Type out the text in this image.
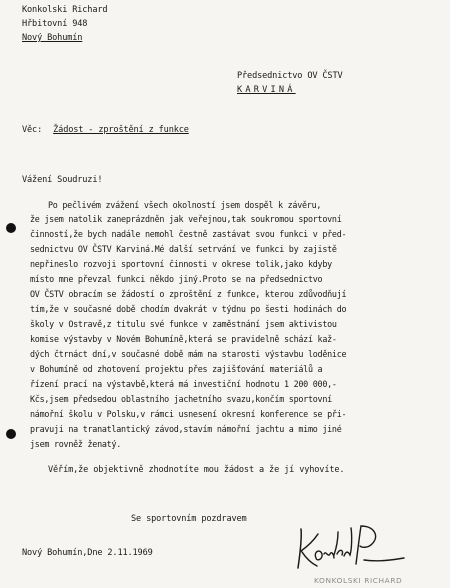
Konkolski Richard
Hřbitovní 948
Nový Bohumín
Předsednictvo OV ČSTV
KARVINÁ
Věc: Žádost - zproštění z funkce
Vážení Soudruzi!
Po pečlivém zvážení všech okolností jsem dospěl k závěru,
že jsem natolik zaneprázdněn jak veřejnou,tak soukromou sportovní
činností,že bych nadále nemohl čestně zastávat svou funkci v před-
sednictvu OV ČSTV Karviná.Mé další setrvání ve funkci by zajistě
nepřineslo rozvoji sportovní činnosti v okrese tolik,jako kdyby
místo mne převzal funkci někdo jiný.Proto se na předsednictvo
OV ČSTV obracím se žádostí o zproštění z funkce, kterou zdůvodňují
tím,že v současné době chodím dvakrát v týdnu po šesti hodinách do
školy v Ostravě,z titulu své funkce v zaměstnání jsem aktivistou
komise výstavby v Novém Bohumíně,která se pravidelně schází kaž-
dých čtrnáct dní,v současné době mám na starosti výstavbu loděnice
v Bohumíně od zhotovení projektu přes zajišťování materiálů a
řízení prací na výstavbě,která má investiční hodnotu 1 200 000,-
Kčs,jsem předsedou oblastního jachetního svazu,končím sportovní
námořní školu v Polsku,v rámci usnesení okresní konference se při-
pravuji na tranatlantický závod,stavím námořní jachtu a mimo jiné
jsem rovněž ženatý.
Věřím,že objektivně zhodnotíte mou žádost a že jí vyhovíte.
Se sportovním pozdravem
Nový Bohumín,Dne 2.11.1969
KONKOLSKI RICHARD
